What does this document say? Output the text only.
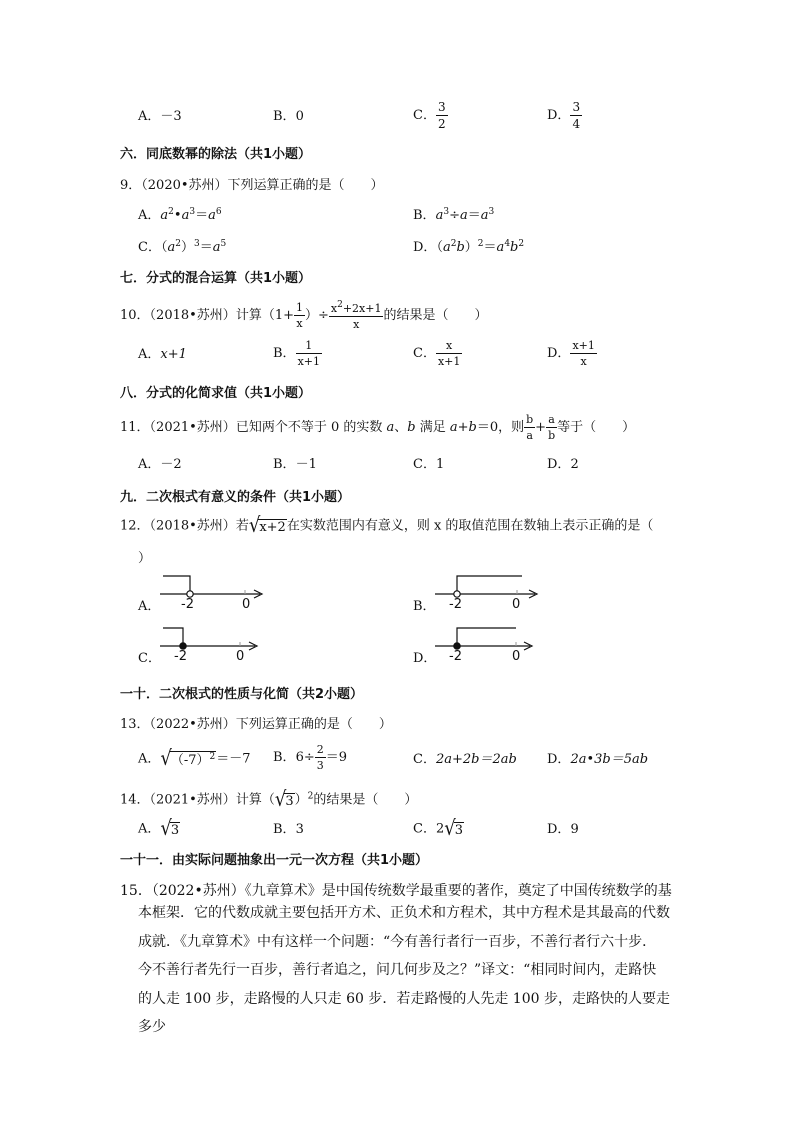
A．－3	B．0	C． $\frac{3}{2}$	D． $\frac{3}{4}$
六．同底数幂的除法（共1小题）
9．（2020•苏州）下列运算正确的是（　　）
A．$a^2•a^3=a^6$	B．$a^3\div a=a^3$
C．$(a^2)^3=a^5$	D．$(a^2b)^2=a^4b^2$
七．分式的混合运算（共1小题）
10．（2018•苏州）计算（$1+ \frac{1}{x}$ ）÷ $\frac{x^2+2x+1}{x}$ 的结果是（　　）
A．x+1	B． $\frac{1}{x+1}$	C． $\frac{x}{x+1}$	D． $\frac{x+1}{x}$
八．分式的化简求值（共1小题）
11．（2021•苏州）已知两个不等于 0 的实数 a、b 满足 a+b＝0，则 $\frac{b}{a} + \frac{a}{b}$ 等于（　　）
A．－2	B．－1	C．1	D．2
九．二次根式有意义的条件（共1小题）
12．（2018•苏州）若√x+2在实数范围内有意义，则 x 的取值范围在数轴上表示正确的是（
）
A． -2	0	B． -2	0
C． -2	0	D． -2	0
一十．二次根式的性质与化简（共2小题）
13．（2022•苏州）下列运算正确的是（　　）
A．$√(-7)^2=-7$ B．$6\div \frac{2}{3} =9$	C．2a+2b＝2ab D．2a•3b＝5ab
14．（2021•苏州）计算$(√3)^2$的结果是（　　）
A．√3	B．3	C．2√3	D．9
一十一．由实际问题抽象出一元一次方程（共1小题）
15．（2022•苏州）《九章算术》是中国传统数学最重要的著作，奠定了中国传统数学的基

本框架．它的代数成就主要包括开方术、正负术和方程术，其中方程术是其最高的代数

成就．《九章算术》中有这样一个问题：“今有善行者行一百步，不善行者行六十步．

今不善行者先行一百步，善行者追之，问几何步及之？”译文：“相同时间内，走路快

的人走 100 步，走路慢的人只走 60 步．若走路慢的人先走 100 步，走路快的人要走多少
